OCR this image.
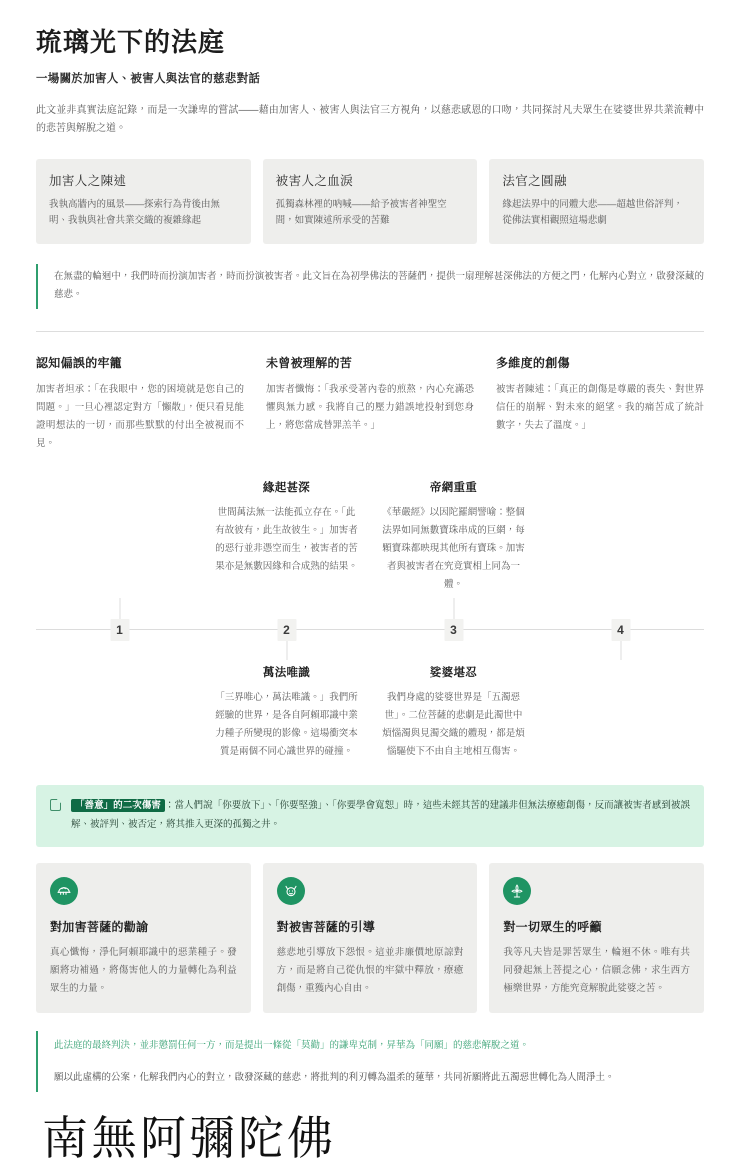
琉璃光下的法庭
一場關於加害人、被害人與法官的慈悲對話

此文並非真實法庭記錄，而是一次謙卑的嘗試——藉由加害人、被害人與法官三方視角，以慈悲感恩的口吻，共同探討凡夫眾生在娑婆世界共業流轉中的悲苦與解脫之道。

加害人之陳述

我執高牆內的風景——探索行為背後由無明、我執與社會共業交織的複雜緣起

被害人之血淚

孤獨森林裡的吶喊——給予被害者神聖空間，如實陳述所承受的苦難

法官之圓融

緣起法界中的同體大悲——超越世俗評判，從佛法實相觀照這場悲劇

在無盡的輪迴中，我們時而扮演加害者，時而扮演被害者。此文旨在為初學佛法的菩薩們，提供一扇理解甚深佛法的方便之門，化解內心對立，啟發深藏的慈悲。

認知偏誤的牢籠

加害者坦承：「在我眼中，您的困境就是您自己的問題。」一旦心裡認定對方「懶散」，便只看見能證明想法的一切，而那些默默的付出全被視而不見。

未曾被理解的苦

加害者懺悔：「我承受著內卷的煎熬，內心充滿恐懼與無力感。我將自己的壓力錯誤地投射到您身上，將您當成替罪羔羊。」

多維度的創傷

被害者陳述：「真正的創傷是尊嚴的喪失、對世界信任的崩解、對未來的絕望。我的痛苦成了統計數字，失去了溫度。」

緣起甚深

世間萬法無一法能孤立存在。「此有故彼有，此生故彼生。」加害者的惡行並非憑空而生，被害者的苦果亦是無數因緣和合成熟的結果。

帝網重重

《華嚴經》以因陀羅網譬喻：整個法界如同無數寶珠串成的巨網，每顆寶珠都映現其他所有寶珠。加害者與被害者在究竟實相上同為一體。

1	2	3	4
萬法唯識

「三界唯心，萬法唯識。」我們所經驗的世界，是各自阿賴耶識中業力種子所變現的影像。這場衝突本質是兩個不同心識世界的碰撞。

娑婆堪忍

我們身處的娑婆世界是「五濁惡世」。二位菩薩的悲劇是此濁世中煩惱濁與見濁交織的體現，都是煩惱驅使下不由自主地相互傷害。

「善意」的二次傷害 ：當人們說「你要放下」、「你要堅強」、「你要學會寬恕」時，這些未經其苦的建議非但無法療癒創傷，反而讓被害者感到被誤解、被評判、被否定，將其推入更深的孤獨之井。
對加害菩薩的勸諭

真心懺悔，淨化阿賴耶識中的惡業種子。發願將功補過，將傷害他人的力量轉化為利益眾生的力量。

對被害菩薩的引導

慈悲地引導放下怨恨。這並非廉價地原諒對方，而是將自己從仇恨的牢獄中釋放，療癒創傷，重獲內心自由。

對一切眾生的呼籲

我等凡夫皆是罪苦眾生，輪迴不休。唯有共同發起無上菩提之心，信願念佛，求生西方極樂世界，方能究竟解脫此娑婆之苦。

此法庭的最終判決，並非懲罰任何一方，而是提出一條從「莫勸」的謙卑克制，昇華為「同願」的慈悲解脫之道。

願以此虛構的公案，化解我們內心的對立，啟發深藏的慈悲，將批判的利刃轉為溫柔的蓮華，共同祈願將此五濁惡世轉化為人間淨土。

南無阿彌陀佛
